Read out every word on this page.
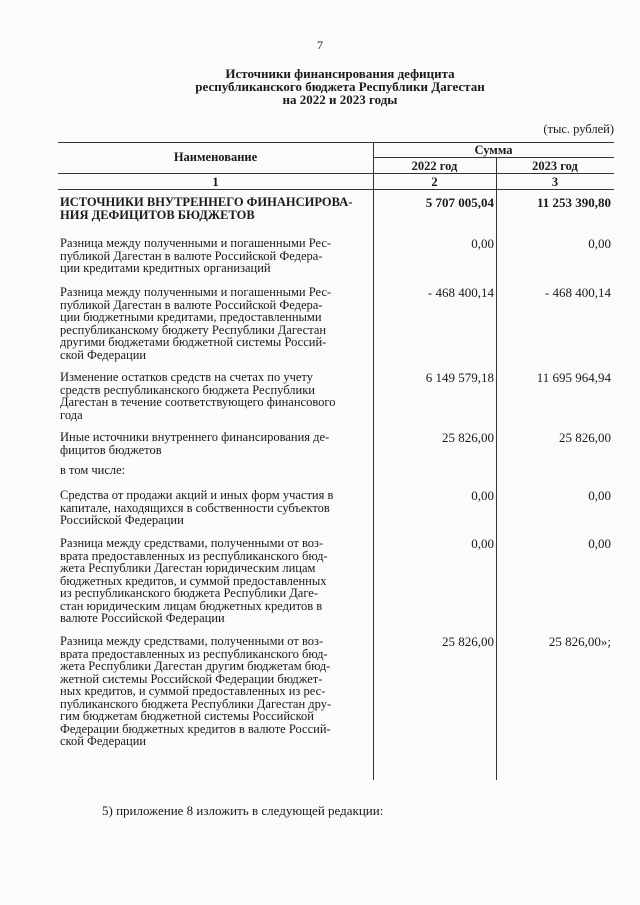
7
Источники финансирования дефицита
республиканского бюджета Республики Дагестан
на 2022 и 2023 годы
(тыс. рублей)
Наименование	Сумма
2022 год	2023 год
1	2	3
ИСТОЧНИКИ ВНУТРЕННЕГО ФИНАНСИРОВА-
НИЯ ДЕФИЦИТОВ БЮДЖЕТОВ
5 707 005,04	11 253 390,80
Разница между полученными и погашенными Рес-
публикой Дагестан в валюте Российской Федера-
ции кредитами кредитных организаций
0,00	0,00
Разница между полученными и погашенными Рес-
публикой Дагестан в валюте Российской Федера-
ции бюджетными кредитами, предоставленными
республиканскому бюджету Республики Дагестан
другими бюджетами бюджетной системы Россий-
ской Федерации
- 468 400,14	- 468 400,14
Изменение остатков средств на счетах по учету
средств республиканского бюджета Республики
Дагестан в течение соответствующего финансового
года
6 149 579,18	11 695 964,94
Иные источники внутреннего финансирования де-
фицитов бюджетов
25 826,00	25 826,00
в том числе:
Средства от продажи акций и иных форм участия в
капитале, находящихся в собственности субъектов
Российской Федерации
0,00	0,00
Разница между средствами, полученными от воз-
врата предоставленных из республиканского бюд-
жета Республики Дагестан юридическим лицам
бюджетных кредитов, и суммой предоставленных
из республиканского бюджета Республики Даге-
стан юридическим лицам бюджетных кредитов в
валюте Российской Федерации
0,00	0,00
Разница между средствами, полученными от воз-
врата предоставленных из республиканского бюд-
жета Республики Дагестан другим бюджетам бюд-
жетной системы Российской Федерации бюджет-
ных кредитов, и суммой предоставленных из рес-
публиканского бюджета Республики Дагестан дру-
гим бюджетам бюджетной системы Российской
Федерации бюджетных кредитов в валюте Россий-
ской Федерации
25 826,00	25 826,00»;
5) приложение 8 изложить в следующей редакции:
